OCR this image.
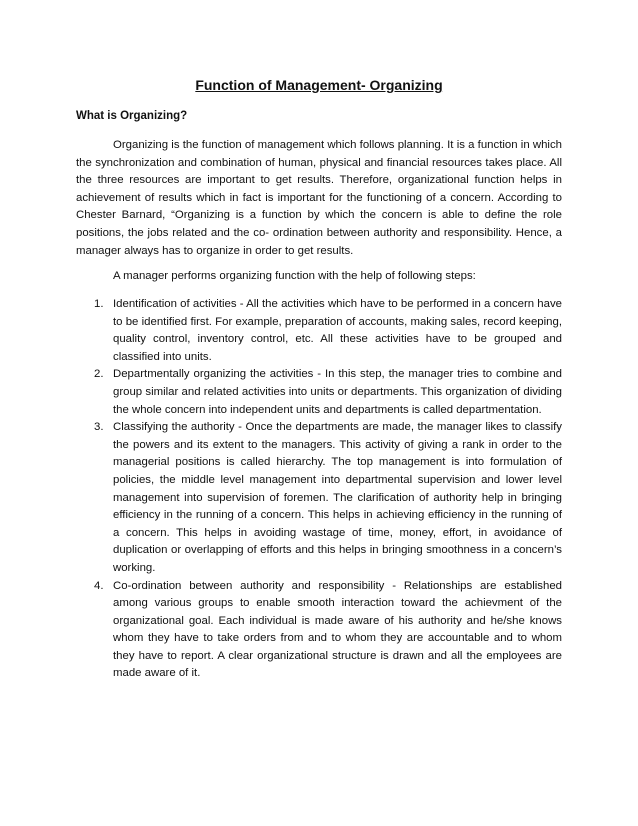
Function of Management- Organizing
What is Organizing?

Organizing is the function of management which follows planning. It is a function in which the synchronization and combination of human, physical and financial resources takes place. All the three resources are important to get results. Therefore, organizational function helps in achievement of results which in fact is important for the functioning of a concern. According to Chester Barnard, “Organizing is a function by which the concern is able to define the role positions, the jobs related and the co- ordination between authority and responsibility. Hence, a manager always has to organize in order to get results.

A manager performs organizing function with the help of following steps:

1. Identification of activities - All the activities which have to be performed in a concern have to be identified first. For example, preparation of accounts, making sales, record keeping, quality control, inventory control, etc. All these activities have to be grouped and classified into units.
2. Departmentally organizing the activities - In this step, the manager tries to combine and group similar and related activities into units or departments. This organization of dividing the whole concern into independent units and departments is called departmentation.
3. Classifying the authority - Once the departments are made, the manager likes to classify the powers and its extent to the managers. This activity of giving a rank in order to the managerial positions is called hierarchy. The top management is into formulation of policies, the middle level management into departmental supervision and lower level management into supervision of foremen. The clarification of authority help in bringing efficiency in the running of a concern. This helps in achieving efficiency in the running of a concern. This helps in avoiding wastage of time, money, effort, in avoidance of duplication or overlapping of efforts and this helps in bringing smoothness in a concern’s working.
4. Co-ordination between authority and responsibility - Relationships are established among various groups to enable smooth interaction toward the achievment of the organizational goal. Each individual is made aware of his authority and he/she knows whom they have to take orders from and to whom they are accountable and to whom they have to report. A clear organizational structure is drawn and all the employees are made aware of it.
